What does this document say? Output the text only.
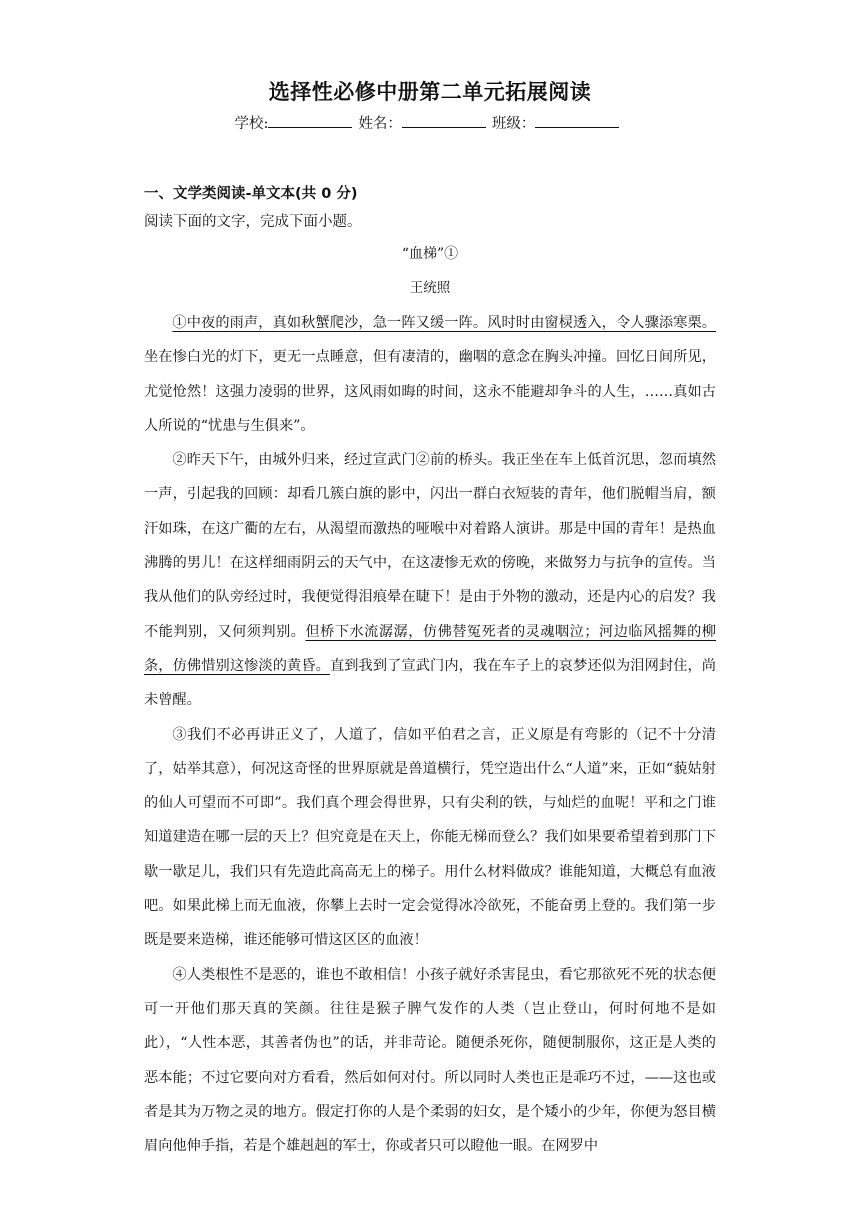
选择性必修中册第二单元拓展阅读
学校:	姓名：	班级：
一、文学类阅读-单文本(共 0 分)
阅读下面的文字，完成下面小题。
“血梯”①
王统照

①中夜的雨声，真如秋蟹爬沙，急一阵又缓一阵。风时时由窗棂透入，令人骤添寒栗。坐在惨白光的灯下，更无一点睡意，但有凄清的，幽咽的意念在胸头冲撞。回忆日间所见，尤觉怆然！这强力凌弱的世界，这风雨如晦的时间，这永不能避却争斗的人生，……真如古人所说的“忧患与生俱来”。

②昨天下午，由城外归来，经过宣武门②前的桥头。我正坐在车上低首沉思，忽而填然一声，引起我的回顾：却看几簇白旗的影中，闪出一群白衣短装的青年，他们脱帽当肩，额汗如珠，在这广衢的左右，从渴望而激热的哑喉中对着路人演讲。那是中国的青年！是热血沸腾的男儿！在这样细雨阴云的天气中，在这凄惨无欢的傍晚，来做努力与抗争的宣传。当我从他们的队旁经过时，我便觉得泪痕晕在睫下！是由于外物的激动，还是内心的启发？我不能判别，又何须判别。但桥下水流潺潺，仿佛替冤死者的灵魂咽泣；河边临风摇舞的柳条，仿佛惜别这惨淡的黄昏。直到我到了宣武门内，我在车子上的哀梦还似为泪网封住，尚未曾醒。

③我们不必再讲正义了，人道了，信如平伯君之言，正义原是有弯影的（记不十分清了，姑举其意），何况这奇怪的世界原就是兽道横行，凭空造出什么“人道”来，正如“藐姑射的仙人可望而不可即”。我们真个理会得世界，只有尖利的铁，与灿烂的血呢！平和之门谁知道建造在哪一层的天上？但究竟是在天上，你能无梯而登么？我们如果要希望着到那门下歇一歇足儿，我们只有先造此高高无上的梯子。用什么材料做成？谁能知道，大概总有血液吧。如果此梯上而无血液，你攀上去时一定会觉得冰冷欲死，不能奋勇上登的。我们第一步既是要来造梯，谁还能够可惜这区区的血液！

④人类根性不是恶的，谁也不敢相信！小孩子就好杀害昆虫，看它那欲死不死的状态便可一开他们那天真的笑颜。往往是猴子脾气发作的人类（岂止登山，何时何地不是如此），“人性本恶，其善者伪也”的话，并非苛论。随便杀死你，随便制服你，这正是人类的恶本能；不过它要向对方看看，然后如何对付。所以同时人类也正是乖巧不过，——这也或者是其为万物之灵的地方。假定打你的人是个柔弱的妇女，是个矮小的少年，你便为怒目横眉向他伸手指，若是个雄赳赳的军士，你或者只可以瞪他一眼。在网罗中
